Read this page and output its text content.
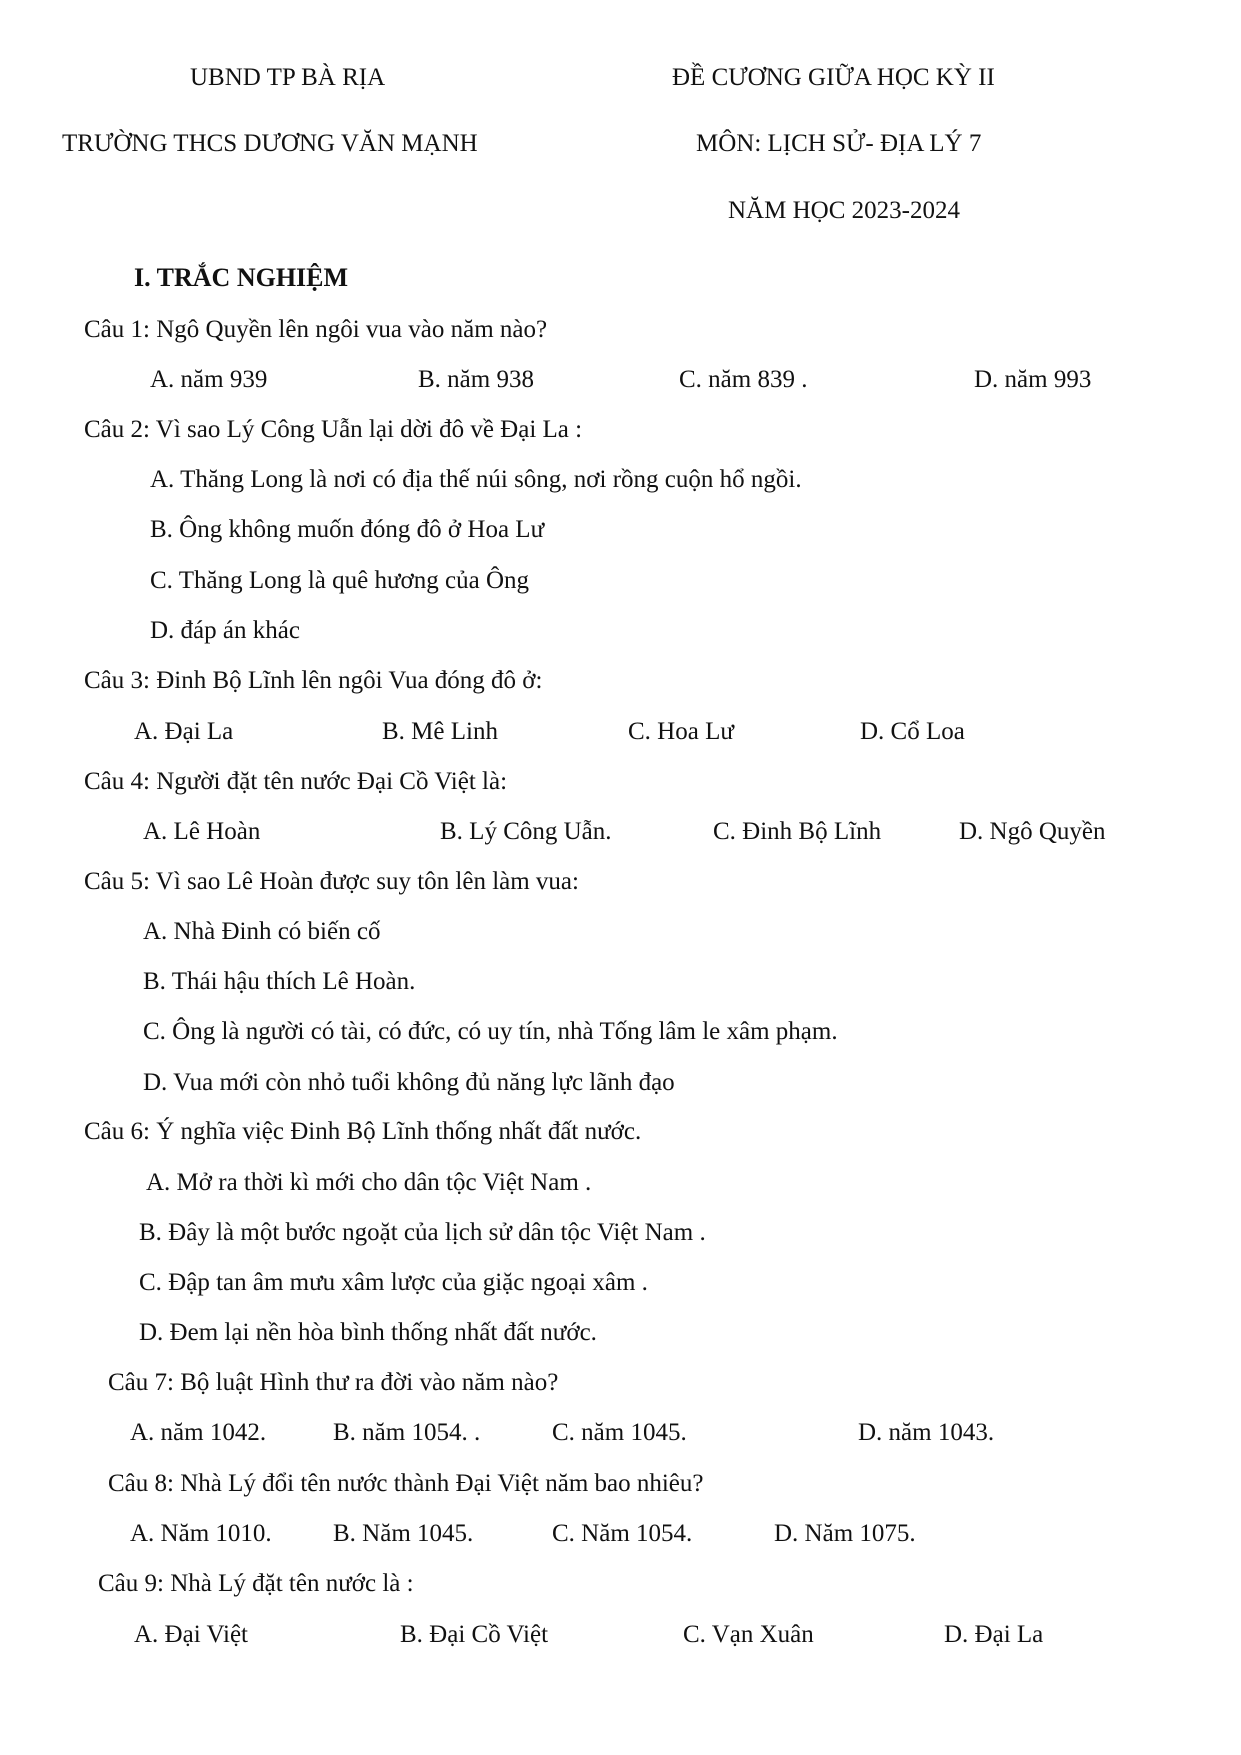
UBND TP BÀ RỊA
TRƯỜNG THCS DƯƠNG VĂN MẠNH
ĐỀ CƯƠNG GIỮA HỌC KỲ II
MÔN: LỊCH SỬ- ĐỊA LÝ 7
NĂM HỌC 2023-2024
I. TRẮC NGHIỆM
Câu 1: Ngô Quyền lên ngôi vua vào năm nào?
A. năm 939	B. năm 938	C. năm 839 .	D. năm 993
Câu 2: Vì sao Lý Công Uẫn lại dời đô về Đại La :
A. Thăng Long là nơi có địa thế núi sông, nơi rồng cuộn hổ ngồi.
B. Ông không muốn đóng đô ở Hoa Lư
C. Thăng Long là quê hương của Ông
D. đáp án khác
Câu 3: Đinh Bộ Lĩnh lên ngôi Vua đóng đô ở:
A. Đại La	B. Mê Linh	C. Hoa Lư	D. Cổ Loa
Câu 4: Người đặt tên nước Đại Cồ Việt là:
A. Lê Hoàn	B. Lý Công Uẫn.	C. Đinh Bộ Lĩnh	D. Ngô Quyền
Câu 5: Vì sao Lê Hoàn được suy tôn lên làm vua:
A. Nhà Đinh có biến cố
B. Thái hậu thích Lê Hoàn.
C. Ông là người có tài, có đức, có uy tín, nhà Tống lâm le xâm phạm.
D. Vua mới còn nhỏ tuổi không đủ năng lực lãnh đạo
Câu 6: Ý nghĩa việc Đinh Bộ Lĩnh thống nhất đất nước.
A. Mở ra thời kì mới cho dân tộc Việt Nam .
B. Đây là một bước ngoặt của lịch sử dân tộc Việt Nam .
C. Đập tan âm mưu xâm lược của giặc ngoại xâm .
D. Đem lại nền hòa bình thống nhất đất nước.
Câu 7: Bộ luật Hình thư ra đời vào năm nào?
A. năm 1042.	B. năm 1054. .	C. năm 1045.	D. năm 1043.
Câu 8: Nhà Lý đổi tên nước thành Đại Việt năm bao nhiêu?
A. Năm 1010. B. Năm 1045.	C. Năm 1054.	D. Năm 1075.
Câu 9: Nhà Lý đặt tên nước là :
A. Đại Việt	B. Đại Cồ Việt	C. Vạn Xuân	D. Đại La
